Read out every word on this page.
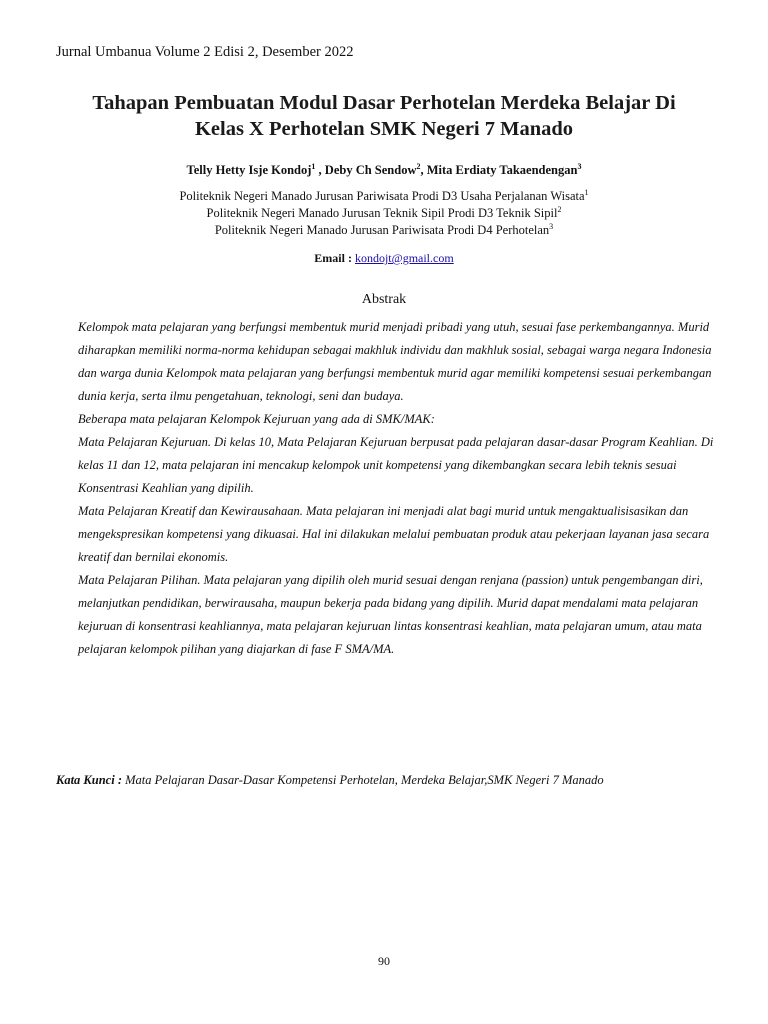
Jurnal Umbanua Volume 2 Edisi 2, Desember 2022
Tahapan Pembuatan Modul Dasar Perhotelan Merdeka Belajar Di
Kelas X Perhotelan SMK Negeri 7 Manado
Telly Hetty Isje Kondoj$^1$ , Deby Ch Sendow$^2$, Mita Erdiaty Takaendengan$^3$
Politeknik Negeri Manado Jurusan Pariwisata Prodi D3 Usaha Perjalanan Wisata$^1$
Politeknik Negeri Manado Jurusan Teknik Sipil Prodi D3 Teknik Sipil$^2$
Politeknik Negeri Manado Jurusan Pariwisata Prodi D4 Perhotelan$^3$
Email : kondojt@gmail.com
Abstrak

Kelompok mata pelajaran yang berfungsi membentuk murid menjadi pribadi yang utuh, sesuai fase perkembangannya. Murid diharapkan memiliki norma-norma kehidupan sebagai makhluk individu dan makhluk sosial, sebagai warga negara Indonesia dan warga dunia Kelompok mata pelajaran yang berfungsi membentuk murid agar memiliki kompetensi sesuai perkembangan dunia kerja, serta ilmu pengetahuan, teknologi, seni dan budaya.

Beberapa mata pelajaran Kelompok Kejuruan yang ada di SMK/MAK:

Mata Pelajaran Kejuruan. Di kelas 10, Mata Pelajaran Kejuruan berpusat pada pelajaran dasar-dasar Program Keahlian. Di kelas 11 dan 12, mata pelajaran ini mencakup kelompok unit kompetensi yang dikembangkan secara lebih teknis sesuai Konsentrasi Keahlian yang dipilih.

Mata Pelajaran Kreatif dan Kewirausahaan. Mata pelajaran ini menjadi alat bagi murid untuk mengaktualisisasikan dan mengekspresikan kompetensi yang dikuasai. Hal ini dilakukan melalui pembuatan produk atau pekerjaan layanan jasa secara kreatif dan bernilai ekonomis.

Mata Pelajaran Pilihan. Mata pelajaran yang dipilih oleh murid sesuai dengan renjana (passion) untuk pengembangan diri, melanjutkan pendidikan, berwirausaha, maupun bekerja pada bidang yang dipilih. Murid dapat mendalami mata pelajaran kejuruan di konsentrasi keahliannya, mata pelajaran kejuruan lintas konsentrasi keahlian, mata pelajaran umum, atau mata pelajaran kelompok pilihan yang diajarkan di fase F SMA/MA.

Kata Kunci : Mata Pelajaran Dasar-Dasar Kompetensi Perhotelan, Merdeka Belajar,SMK Negeri 7 Manado
90
